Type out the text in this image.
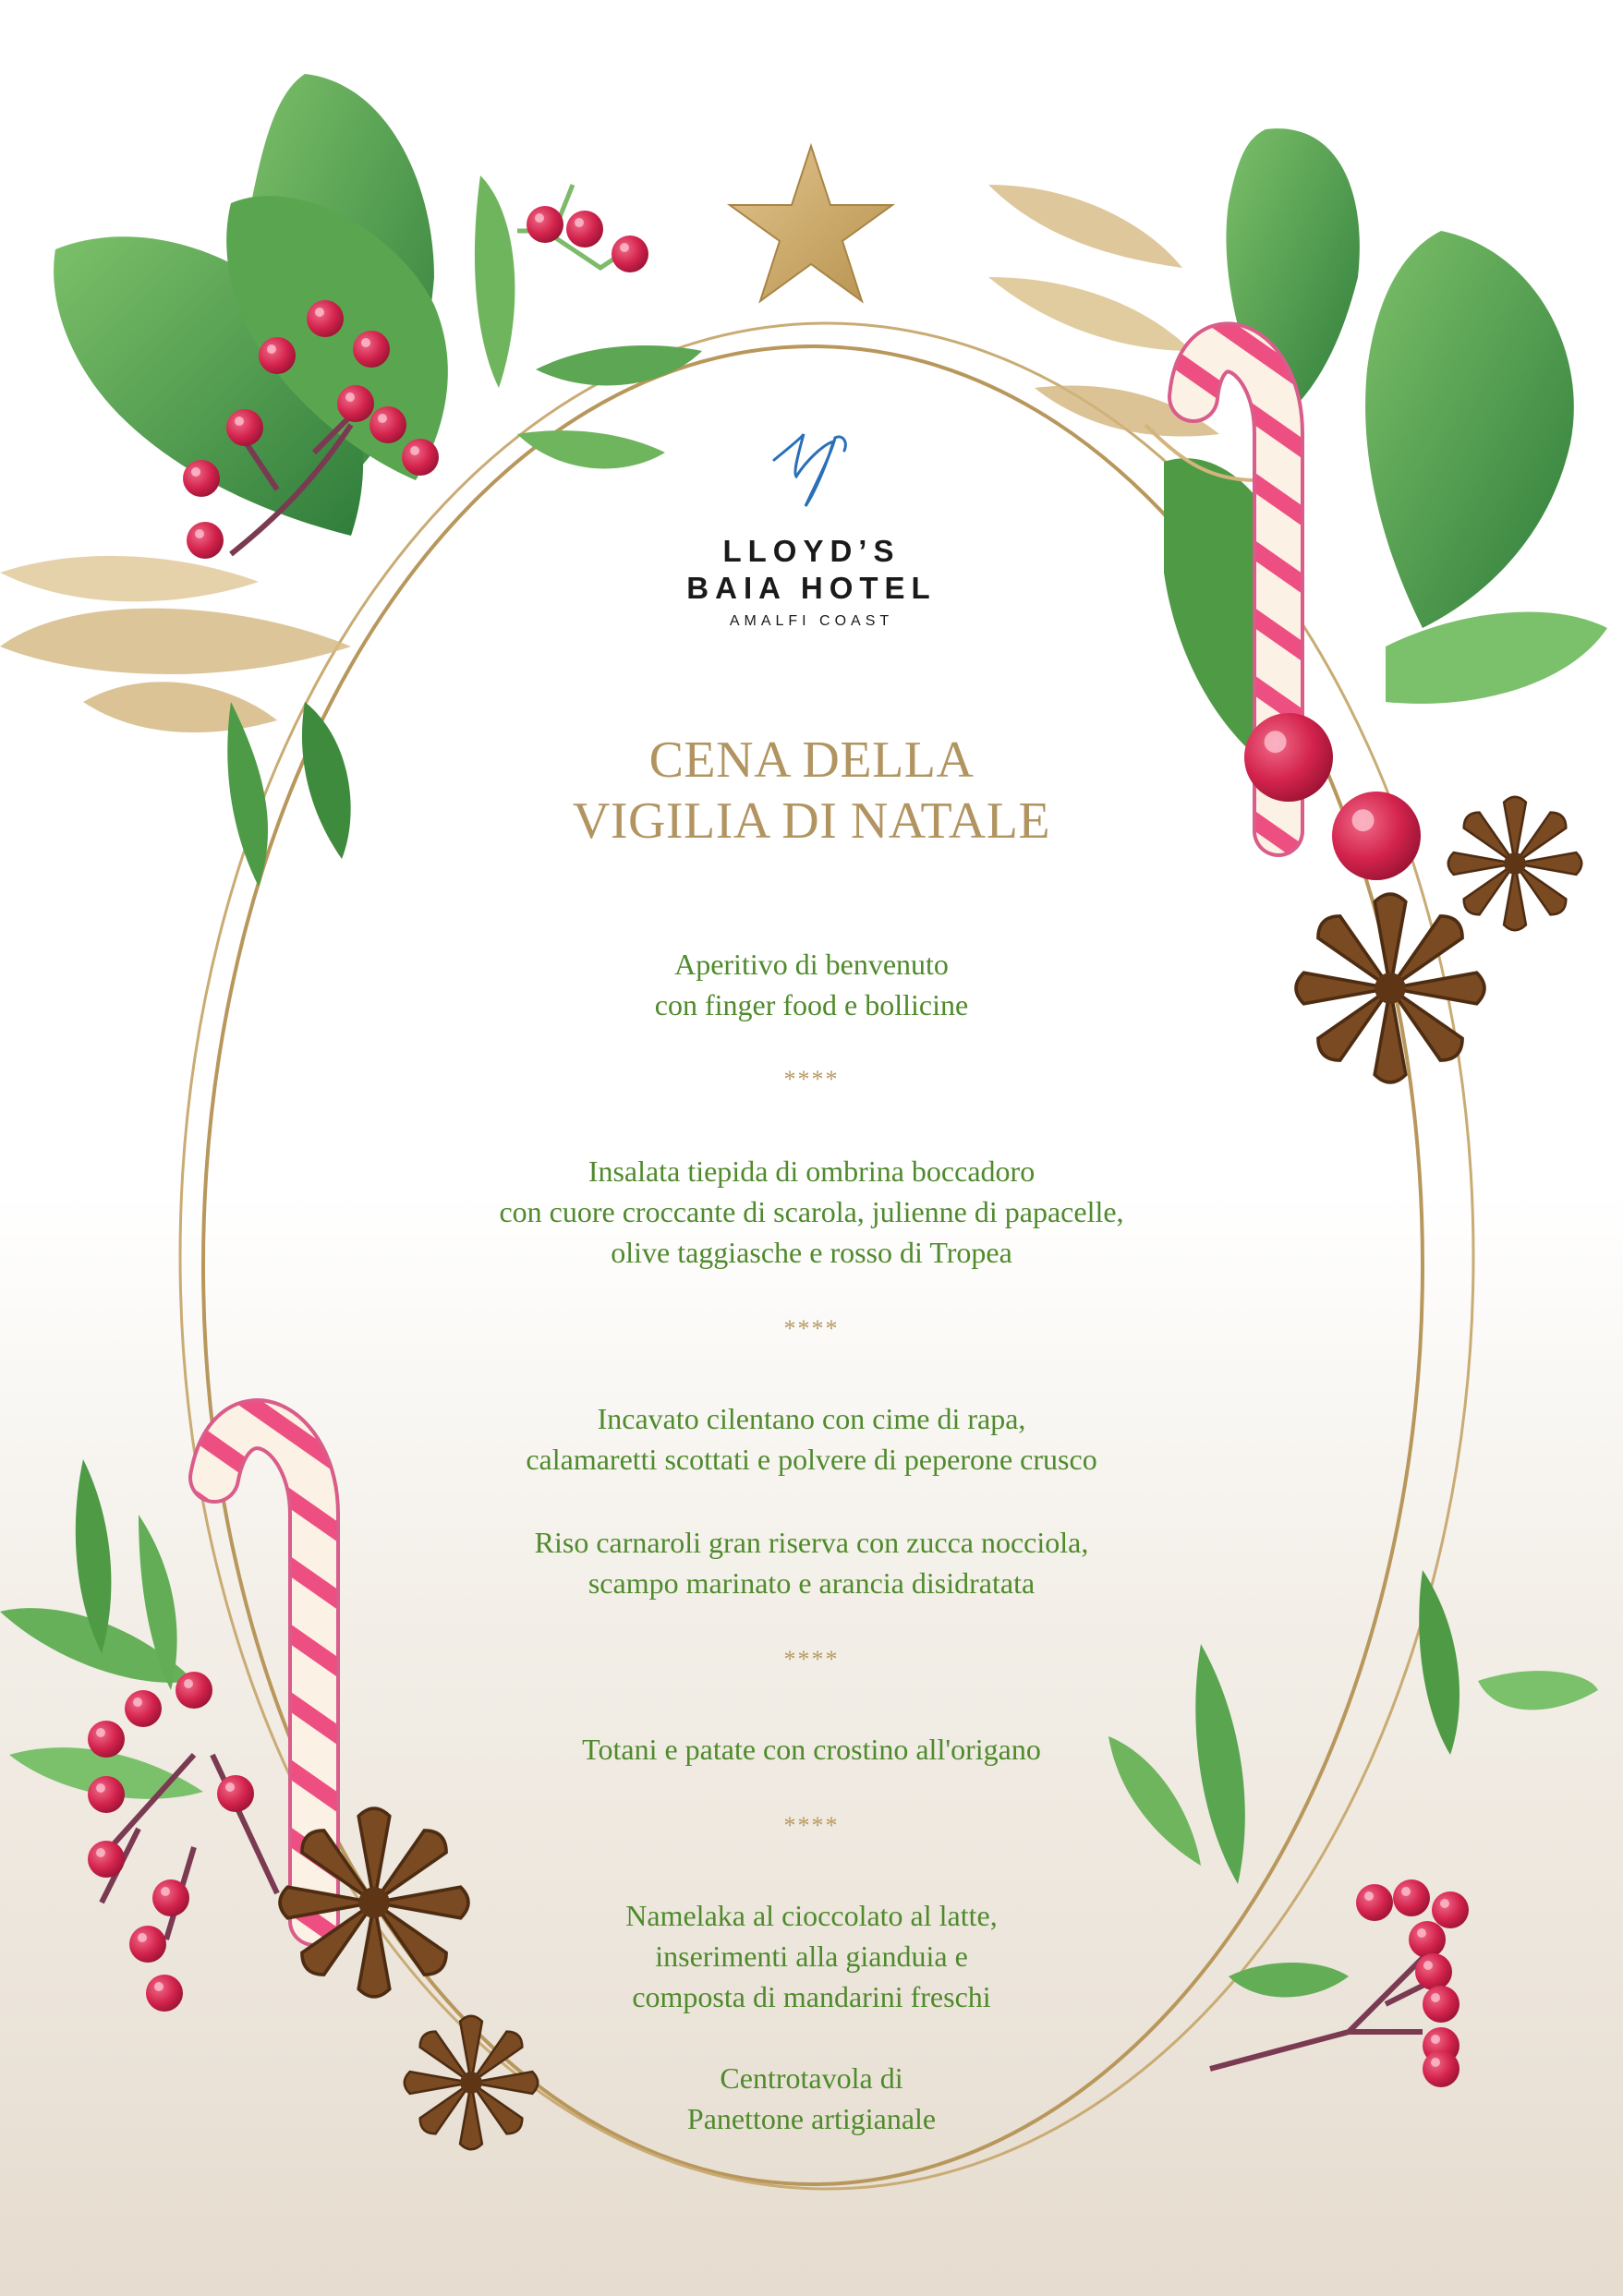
LLOYD’S
BAIA HOTEL
AMALFI COAST
CENA DELLA
VIGILIA DI NATALE
Aperitivo di benvenuto
con finger food e bollicine
****
Insalata tiepida di ombrina boccadoro
con cuore croccante di scarola, julienne di papacelle,
olive taggiasche e rosso di Tropea
****
Incavato cilentano con cime di rapa,
calamaretti scottati e polvere di peperone crusco
Riso carnaroli gran riserva con zucca nocciola,
scampo marinato e arancia disidratata
****
Totani e patate con crostino all'origano
****
Namelaka al cioccolato al latte,
inserimenti alla gianduia e
composta di mandarini freschi
Centrotavola di
Panettone artigianale
